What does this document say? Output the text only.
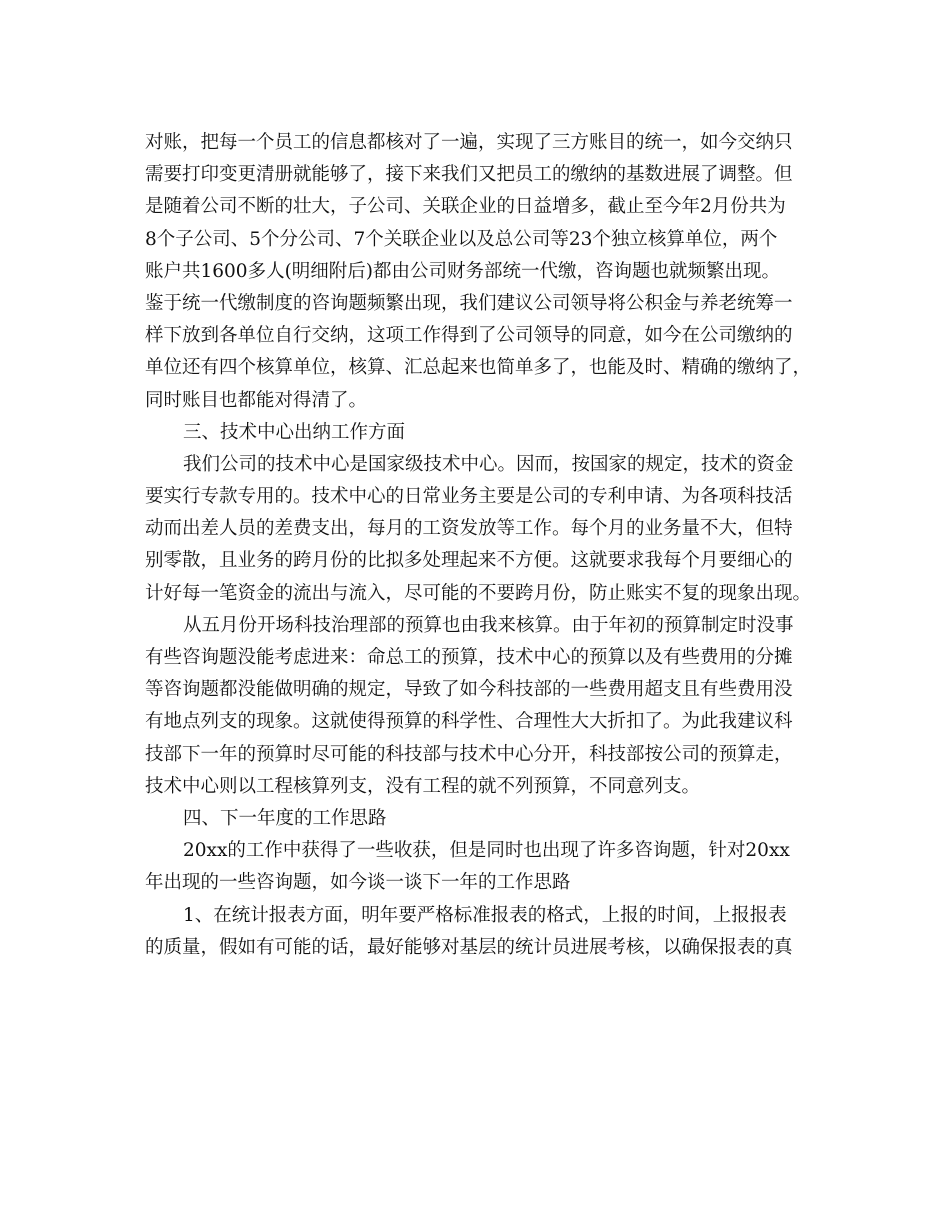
对账，把每一个员工的信息都核对了一遍，实现了三方账目的统一，如今交纳只
需要打印变更清册就能够了，接下来我们又把员工的缴纳的基数进展了调整。但
是随着公司不断的壮大，子公司、关联企业的日益增多，截止至今年2月份共为
8个子公司、5个分公司、7个关联企业以及总公司等23个独立核算单位，两个
账户共1600多人(明细附后)都由公司财务部统一代缴，咨询题也就频繁出现。
鉴于统一代缴制度的咨询题频繁出现，我们建议公司领导将公积金与养老统筹一
样下放到各单位自行交纳，这项工作得到了公司领导的同意，如今在公司缴纳的
单位还有四个核算单位，核算、汇总起来也简单多了，也能及时、精确的缴纳了，
同时账目也都能对得清了。
三、技术中心出纳工作方面
我们公司的技术中心是国家级技术中心。因而，按国家的规定，技术的资金
要实行专款专用的。技术中心的日常业务主要是公司的专利申请、为各项科技活
动而出差人员的差费支出，每月的工资发放等工作。每个月的业务量不大，但特
别零散，且业务的跨月份的比拟多处理起来不方便。这就要求我每个月要细心的
计好每一笔资金的流出与流入，尽可能的不要跨月份，防止账实不复的现象出现。
从五月份开场科技治理部的预算也由我来核算。由于年初的预算制定时没事
有些咨询题没能考虑进来：命总工的预算，技术中心的预算以及有些费用的分摊
等咨询题都没能做明确的规定，导致了如今科技部的一些费用超支且有些费用没
有地点列支的现象。这就使得预算的科学性、合理性大大折扣了。为此我建议科
技部下一年的预算时尽可能的科技部与技术中心分开，科技部按公司的预算走，
技术中心则以工程核算列支，没有工程的就不列预算，不同意列支。
四、下一年度的工作思路
20xx的工作中获得了一些收获，但是同时也出现了许多咨询题，针对20xx
年出现的一些咨询题，如今谈一谈下一年的工作思路
1、在统计报表方面，明年要严格标准报表的格式，上报的时间，上报报表
的质量，假如有可能的话，最好能够对基层的统计员进展考核，以确保报表的真
